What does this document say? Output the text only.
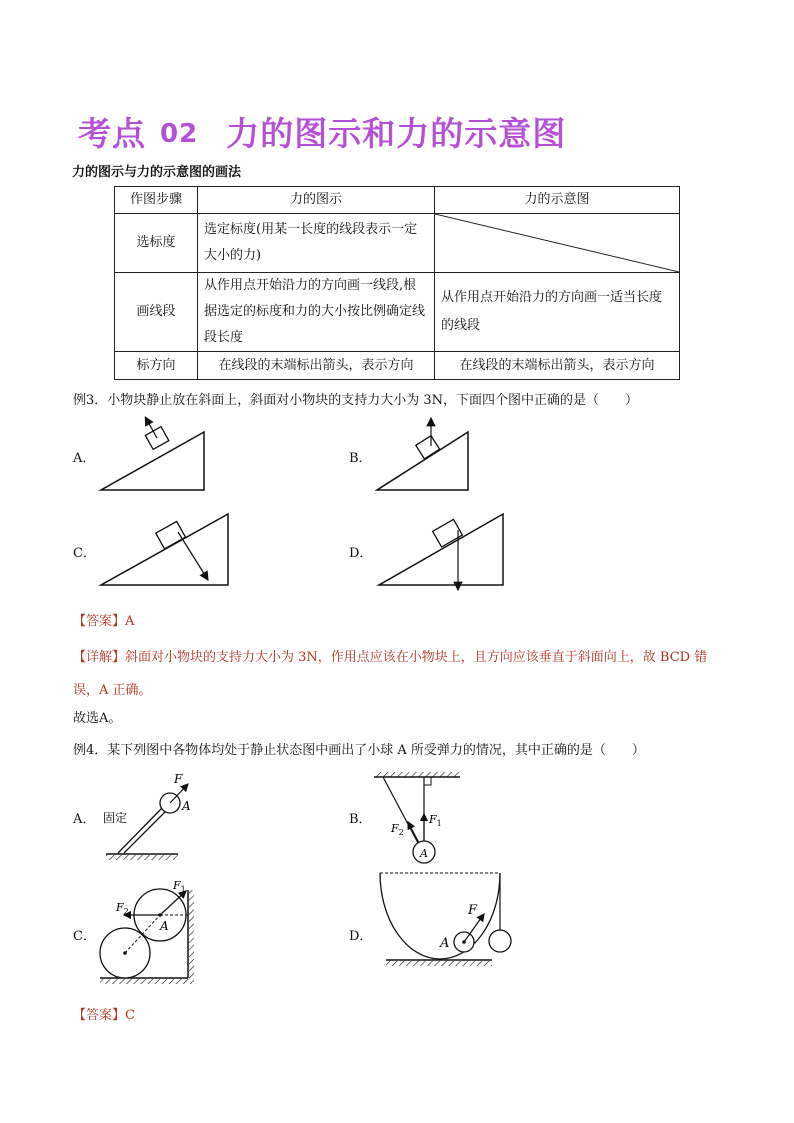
考点 02 力的图示和力的示意图
力的图示与力的示意图的画法
作图步骤	力的图示	力的示意图
选标度	选定标度(用某一长度的线段表示一定大小的力)	

画线段	从作用点开始沿力的方向画一线段,根据选定的标度和力的大小按比例确定线段长度	从作用点开始沿力的方向画一适当长度的线段
标方向	在线段的末端标出箭头，表示方向	在线段的末端标出箭头，表示方向
例3．小物块静止放在斜面上，斜面对小物块的支持力大小为 3N，下面四个图中正确的是（　　）
A．	B．
C．	D．
【答案】A
【详解】斜面对小物块的支持力大小为 3N，作用点应该在小物块上，且方向应该垂直于斜面向上，故 BCD 错误，A 正确。
故选A。
例4．某下列图中各物体均处于静止状态图中画出了小球 A 所受弹力的情况，其中正确的是（　　）
A．	B．
C．	D．
F
A
固定
A
$F_1$
$F_2$
A
$F_1$
$F_2$	F
A
【答案】C
